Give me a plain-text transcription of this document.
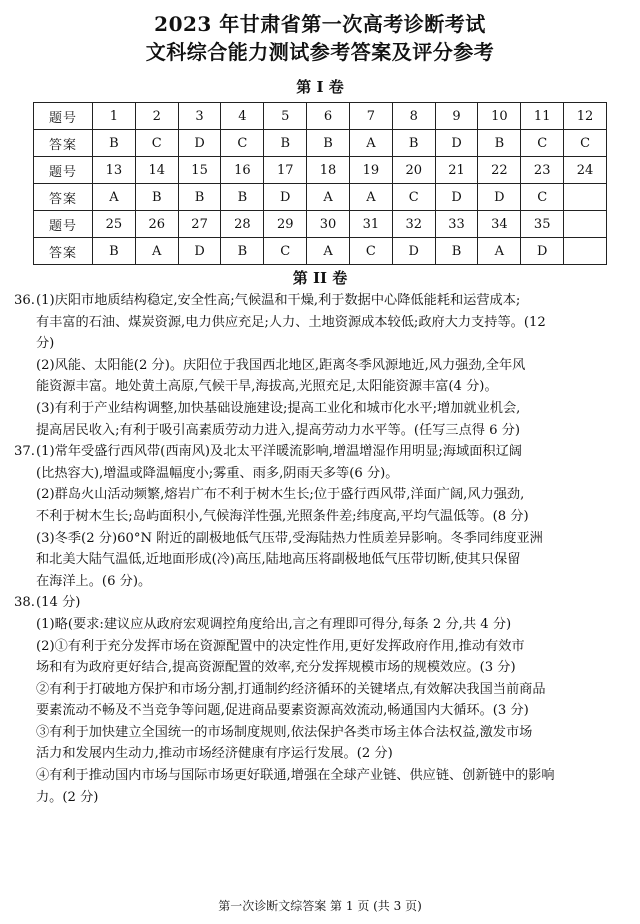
2023 年甘肃省第一次高考诊断考试
文科综合能力测试参考答案及评分参考
第 I 卷
题号	1	2	3	4	5	6	7	8	9	10	11	12
答案	B	C	D	C	B	B	A	B	D	B	C	C
题号	13	14	15	16	17	18	19	20	21	22	23	24
答案	A	B	B	B	D	A	A	C	D	D	C	
题号	25	26	27	28	29	30	31	32	33	34	35	
答案	B	A	D	B	C	A	C	D	B	A	D	
第 II 卷
36. (1)庆阳市地质结构稳定,安全性高;气候温和干燥,利于数据中心降低能耗和运营成本;
有丰富的石油、煤炭资源,电力供应充足;人力、土地资源成本较低;政府大力支持等。(12
分)
(2)风能、太阳能(2 分)。庆阳位于我国西北地区,距离冬季风源地近,风力强劲,全年风
能资源丰富。地处黄土高原,气候干旱,海拔高,光照充足,太阳能资源丰富(4 分)。
(3)有利于产业结构调整,加快基础设施建设;提高工业化和城市化水平;增加就业机会,
提高居民收入;有利于吸引高素质劳动力进入,提高劳动力水平等。(任写三点得 6 分)
37. (1)常年受盛行西风带(西南风)及北太平洋暖流影响,增温增湿作用明显;海域面积辽阔
(比热容大),增温或降温幅度小;雾重、雨多,阴雨天多等(6 分)。
(2)群岛火山活动频繁,熔岩广布不利于树木生长;位于盛行西风带,洋面广阔,风力强劲,
不利于树木生长;岛屿面积小,气候海洋性强,光照条件差;纬度高,平均气温低等。(8 分)
(3)冬季(2 分)60°N 附近的副极地低气压带,受海陆热力性质差异影响。冬季同纬度亚洲
和北美大陆气温低,近地面形成(冷)高压,陆地高压将副极地低气压带切断,使其只保留
在海洋上。(6 分)。
38. (14 分)
(1)略(要求:建议应从政府宏观调控角度给出,言之有理即可得分,每条 2 分,共 4 分)
(2)①有利于充分发挥市场在资源配置中的决定性作用,更好发挥政府作用,推动有效市
场和有为政府更好结合,提高资源配置的效率,充分发挥规模市场的规模效应。(3 分)
②有利于打破地方保护和市场分割,打通制约经济循环的关键堵点,有效解决我国当前商品
要素流动不畅及不当竞争等问题,促进商品要素资源高效流动,畅通国内大循环。(3 分)
③有利于加快建立全国统一的市场制度规则,依法保护各类市场主体合法权益,激发市场
活力和发展内生动力,推动市场经济健康有序运行发展。(2 分)
④有利于推动国内市场与国际市场更好联通,增强在全球产业链、供应链、创新链中的影响
力。(2 分)
第一次诊断文综答案 第 1 页 (共 3 页)
